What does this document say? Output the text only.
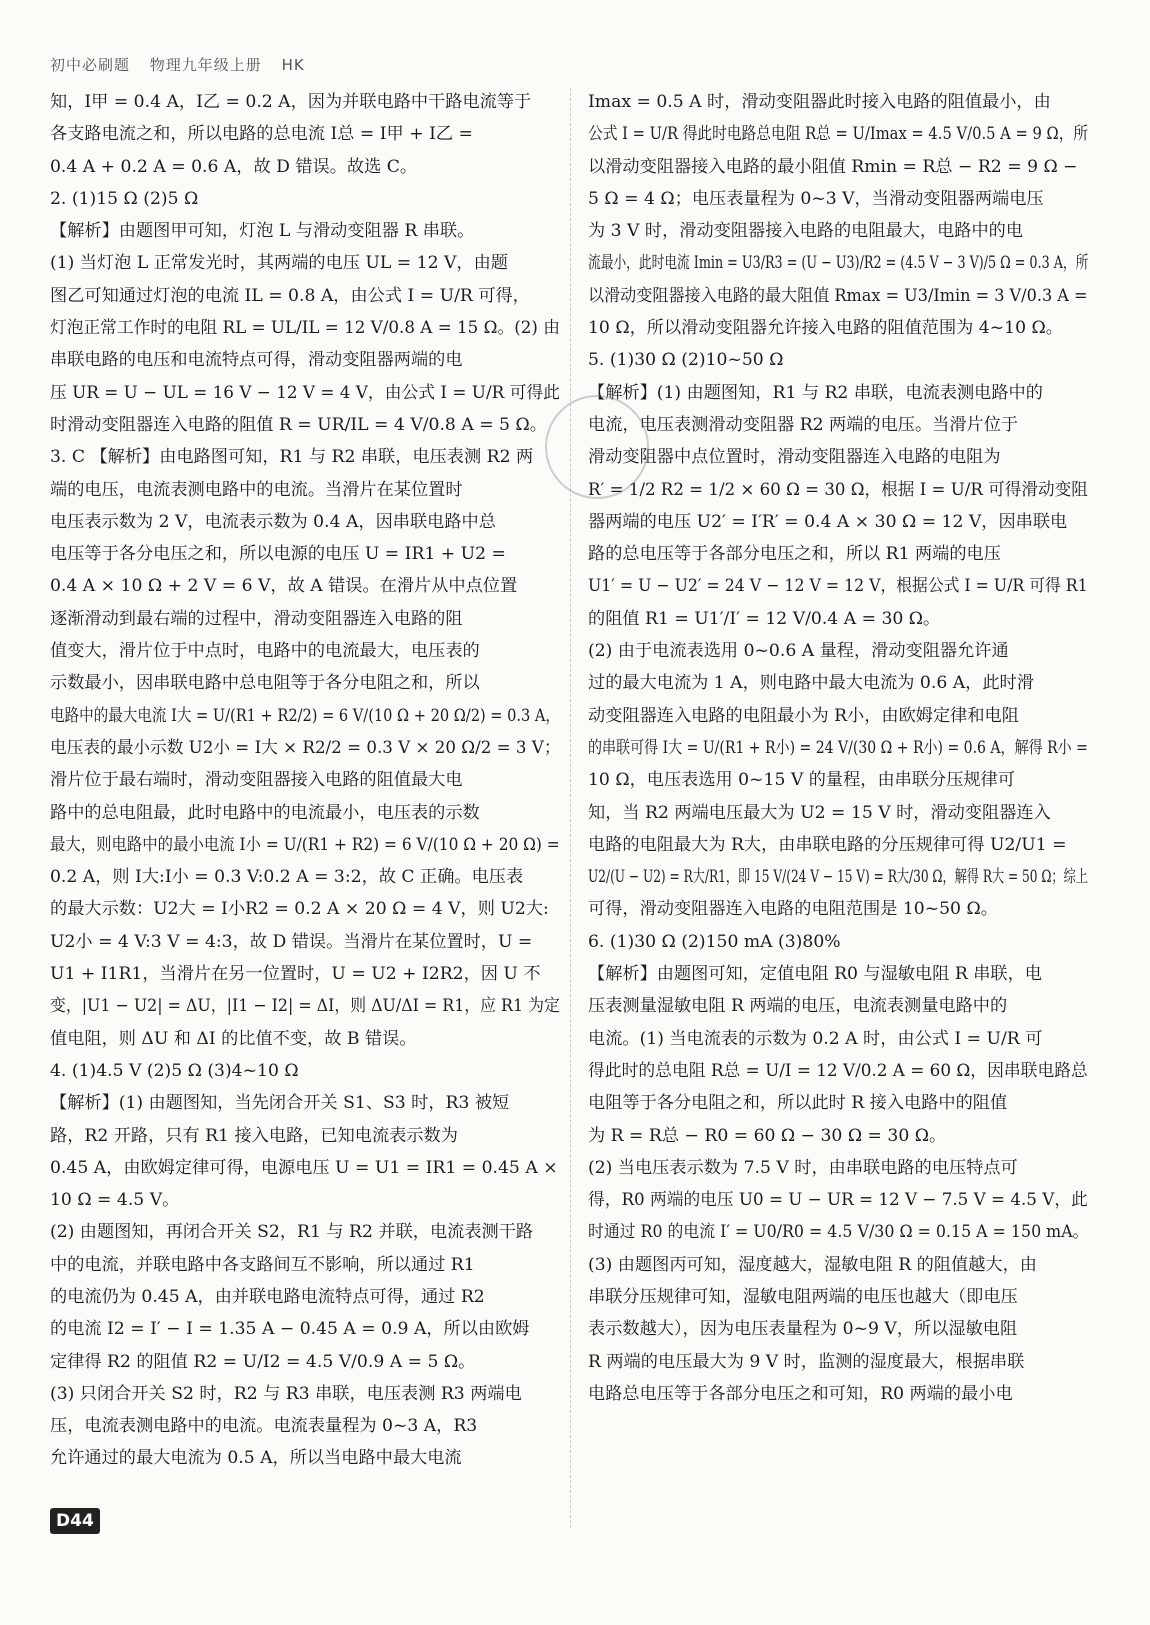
初中必刷题 物理九年级上册 HK
知，I甲 = 0.4 A，I乙 = 0.2 A，因为并联电路中干路电流等于
各支路电流之和，所以电路的总电流 I总 = I甲 + I乙 =
0.4 A + 0.2 A = 0.6 A，故 D 错误。故选 C。
2. (1)15 Ω (2)5 Ω
【解析】由题图甲可知，灯泡 L 与滑动变阻器 R 串联。
(1) 当灯泡 L 正常发光时，其两端的电压 UL = 12 V，由题
图乙可知通过灯泡的电流 IL = 0.8 A，由公式 I = U/R 可得，
灯泡正常工作时的电阻 RL = UL/IL = 12 V/0.8 A = 15 Ω。(2) 由
串联电路的电压和电流特点可得，滑动变阻器两端的电
压 UR = U − UL = 16 V − 12 V = 4 V，由公式 I = U/R 可得此
时滑动变阻器连入电路的阻值 R = UR/IL = 4 V/0.8 A = 5 Ω。
3. C 【解析】由电路图可知，R1 与 R2 串联，电压表测 R2 两
端的电压，电流表测电路中的电流。当滑片在某位置时
电压表示数为 2 V，电流表示数为 0.4 A，因串联电路中总
电压等于各分电压之和，所以电源的电压 U = IR1 + U2 =
0.4 A × 10 Ω + 2 V = 6 V，故 A 错误。在滑片从中点位置
逐渐滑动到最右端的过程中，滑动变阻器连入电路的阻
值变大，滑片位于中点时，电路中的电流最大，电压表的
示数最小，因串联电路中总电阻等于各分电阻之和，所以
电路中的最大电流 I大 = U/(R1 + R2/2) = 6 V/(10 Ω + 20 Ω/2) = 0.3 A，
电压表的最小示数 U2小 = I大 × R2/2 = 0.3 V × 20 Ω/2 = 3 V；
滑片位于最右端时，滑动变阻器接入电路的阻值最大电
路中的总电阻最，此时电路中的电流最小，电压表的示数
最大，则电路中的最小电流 I小 = U/(R1 + R2) = 6 V/(10 Ω + 20 Ω) =
0.2 A，则 I大:I小 = 0.3 V:0.2 A = 3:2，故 C 正确。电压表
的最大示数：U2大 = I小R2 = 0.2 A × 20 Ω = 4 V，则 U2大:
U2小 = 4 V:3 V = 4:3，故 D 错误。当滑片在某位置时，U =
U1 + I1R1，当滑片在另一位置时，U = U2 + I2R2，因 U 不
变，|U1 − U2| = ΔU，|I1 − I2| = ΔI，则 ΔU/ΔI = R1，应 R1 为定
值电阻，则 ΔU 和 ΔI 的比值不变，故 B 错误。
4. (1)4.5 V (2)5 Ω (3)4~10 Ω
【解析】(1) 由题图知，当先闭合开关 S1、S3 时，R3 被短
路，R2 开路，只有 R1 接入电路，已知电流表示数为
0.45 A，由欧姆定律可得，电源电压 U = U1 = IR1 = 0.45 A ×
10 Ω = 4.5 V。
(2) 由题图知，再闭合开关 S2，R1 与 R2 并联，电流表测干路
中的电流，并联电路中各支路间互不影响，所以通过 R1
的电流仍为 0.45 A，由并联电路电流特点可得，通过 R2
的电流 I2 = I′ − I = 1.35 A − 0.45 A = 0.9 A，所以由欧姆
定律得 R2 的阻值 R2 = U/I2 = 4.5 V/0.9 A = 5 Ω。
(3) 只闭合开关 S2 时，R2 与 R3 串联，电压表测 R3 两端电
压，电流表测电路中的电流。电流表量程为 0~3 A，R3
允许通过的最大电流为 0.5 A，所以当电路中最大电流
Imax = 0.5 A 时，滑动变阻器此时接入电路的阻值最小，由
公式 I = U/R 得此时电路总电阻 R总 = U/Imax = 4.5 V/0.5 A = 9 Ω，所
以滑动变阻器接入电路的最小阻值 Rmin = R总 − R2 = 9 Ω −
5 Ω = 4 Ω；电压表量程为 0~3 V，当滑动变阻器两端电压
为 3 V 时，滑动变阻器接入电路的电阻最大，电路中的电
流最小，此时电流 Imin = U3/R3 = (U − U3)/R2 = (4.5 V − 3 V)/5 Ω = 0.3 A，所
以滑动变阻器接入电路的最大阻值 Rmax = U3/Imin = 3 V/0.3 A =
10 Ω，所以滑动变阻器允许接入电路的阻值范围为 4~10 Ω。
5. (1)30 Ω (2)10~50 Ω
【解析】(1) 由题图知，R1 与 R2 串联，电流表测电路中的
电流，电压表测滑动变阻器 R2 两端的电压。当滑片位于
滑动变阻器中点位置时，滑动变阻器连入电路的电阻为
R′ = 1/2 R2 = 1/2 × 60 Ω = 30 Ω，根据 I = U/R 可得滑动变阻
器两端的电压 U2′ = I′R′ = 0.4 A × 30 Ω = 12 V，因串联电
路的总电压等于各部分电压之和，所以 R1 两端的电压
U1′ = U − U2′ = 24 V − 12 V = 12 V，根据公式 I = U/R 可得 R1
的阻值 R1 = U1′/I′ = 12 V/0.4 A = 30 Ω。
(2) 由于电流表选用 0~0.6 A 量程，滑动变阻器允许通
过的最大电流为 1 A，则电路中最大电流为 0.6 A，此时滑
动变阻器连入电路的电阻最小为 R小，由欧姆定律和电阻
的串联可得 I大 = U/(R1 + R小) = 24 V/(30 Ω + R小) = 0.6 A，解得 R小 =
10 Ω，电压表选用 0~15 V 的量程，由串联分压规律可
知，当 R2 两端电压最大为 U2 = 15 V 时，滑动变阻器连入
电路的电阻最大为 R大，由串联电路的分压规律可得 U2/U1 =
U2/(U − U2) = R大/R1，即 15 V/(24 V − 15 V) = R大/30 Ω，解得 R大 = 50 Ω；综上
可得，滑动变阻器连入电路的电阻范围是 10~50 Ω。
6. (1)30 Ω (2)150 mA (3)80%
【解析】由题图可知，定值电阻 R0 与湿敏电阻 R 串联，电
压表测量湿敏电阻 R 两端的电压，电流表测量电路中的
电流。(1) 当电流表的示数为 0.2 A 时，由公式 I = U/R 可
得此时的总电阻 R总 = U/I = 12 V/0.2 A = 60 Ω，因串联电路总
电阻等于各分电阻之和，所以此时 R 接入电路中的阻值
为 R = R总 − R0 = 60 Ω − 30 Ω = 30 Ω。
(2) 当电压表示数为 7.5 V 时，由串联电路的电压特点可
得，R0 两端的电压 U0 = U − UR = 12 V − 7.5 V = 4.5 V，此
时通过 R0 的电流 I′ = U0/R0 = 4.5 V/30 Ω = 0.15 A = 150 mA。
(3) 由题图丙可知，湿度越大，湿敏电阻 R 的阻值越大，由
串联分压规律可知，湿敏电阻两端的电压也越大（即电压
表示数越大），因为电压表量程为 0~9 V，所以湿敏电阻
R 两端的电压最大为 9 V 时，监测的湿度最大，根据串联
电路总电压等于各部分电压之和可知，R0 两端的最小电
D44
